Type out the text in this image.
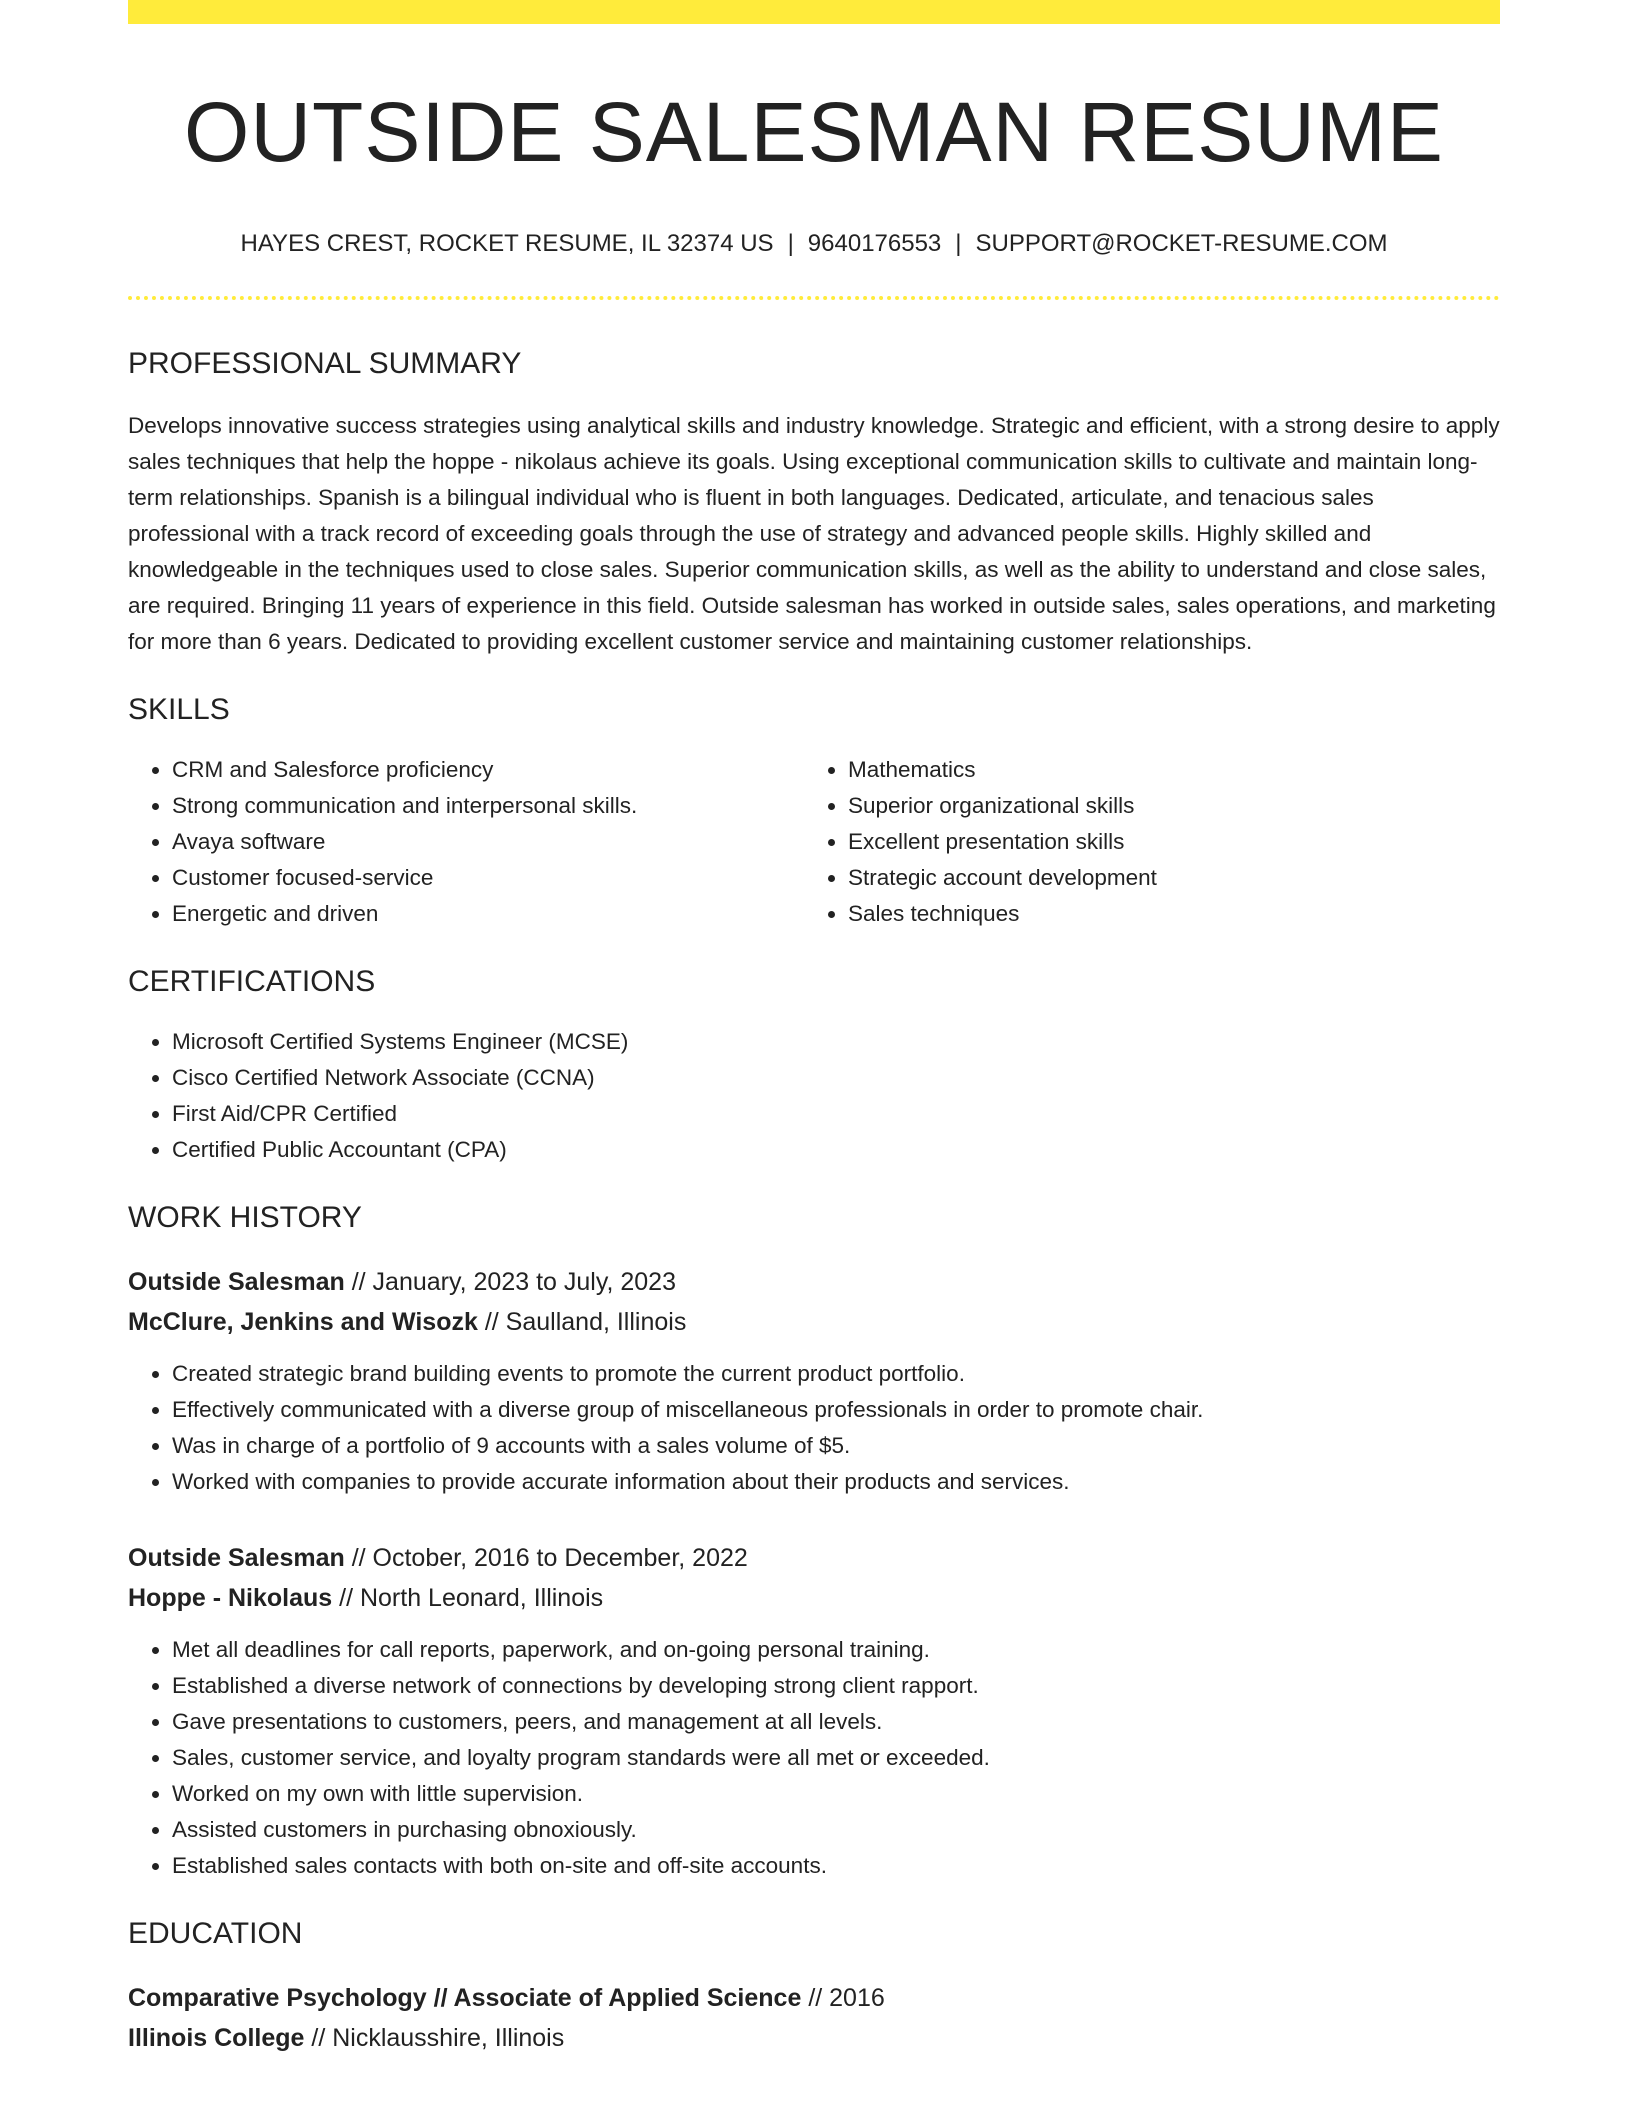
OUTSIDE SALESMAN RESUME
HAYES CREST, ROCKET RESUME, IL 32374 US | 9640176553 | SUPPORT@ROCKET-RESUME.COM
PROFESSIONAL SUMMARY
Develops innovative success strategies using analytical skills and industry knowledge. Strategic and efficient, with a strong desire to apply sales techniques that help the hoppe - nikolaus achieve its goals. Using exceptional communication skills to cultivate and maintain long-term relationships. Spanish is a bilingual individual who is fluent in both languages. Dedicated, articulate, and tenacious sales professional with a track record of exceeding goals through the use of strategy and advanced people skills. Highly skilled and knowledgeable in the techniques used to close sales. Superior communication skills, as well as the ability to understand and close sales, are required. Bringing 11 years of experience in this field. Outside salesman has worked in outside sales, sales operations, and marketing for more than 6 years. Dedicated to providing excellent customer service and maintaining customer relationships.
SKILLS
• CRM and Salesforce proficiency
• Strong communication and interpersonal skills.
• Avaya software
• Customer focused-service
• Energetic and driven
• Mathematics
• Superior organizational skills
• Excellent presentation skills
• Strategic account development
• Sales techniques
CERTIFICATIONS
• Microsoft Certified Systems Engineer (MCSE)
• Cisco Certified Network Associate (CCNA)
• First Aid/CPR Certified
• Certified Public Accountant (CPA)
WORK HISTORY
Outside Salesman // January, 2023 to July, 2023
McClure, Jenkins and Wisozk // Saulland, Illinois
• Created strategic brand building events to promote the current product portfolio.
• Effectively communicated with a diverse group of miscellaneous professionals in order to promote chair.
• Was in charge of a portfolio of 9 accounts with a sales volume of $5.
• Worked with companies to provide accurate information about their products and services.
Outside Salesman // October, 2016 to December, 2022
Hoppe - Nikolaus // North Leonard, Illinois
• Met all deadlines for call reports, paperwork, and on-going personal training.
• Established a diverse network of connections by developing strong client rapport.
• Gave presentations to customers, peers, and management at all levels.
• Sales, customer service, and loyalty program standards were all met or exceeded.
• Worked on my own with little supervision.
• Assisted customers in purchasing obnoxiously.
• Established sales contacts with both on-site and off-site accounts.
EDUCATION
Comparative Psychology // Associate of Applied Science // 2016
Illinois College // Nicklausshire, Illinois
